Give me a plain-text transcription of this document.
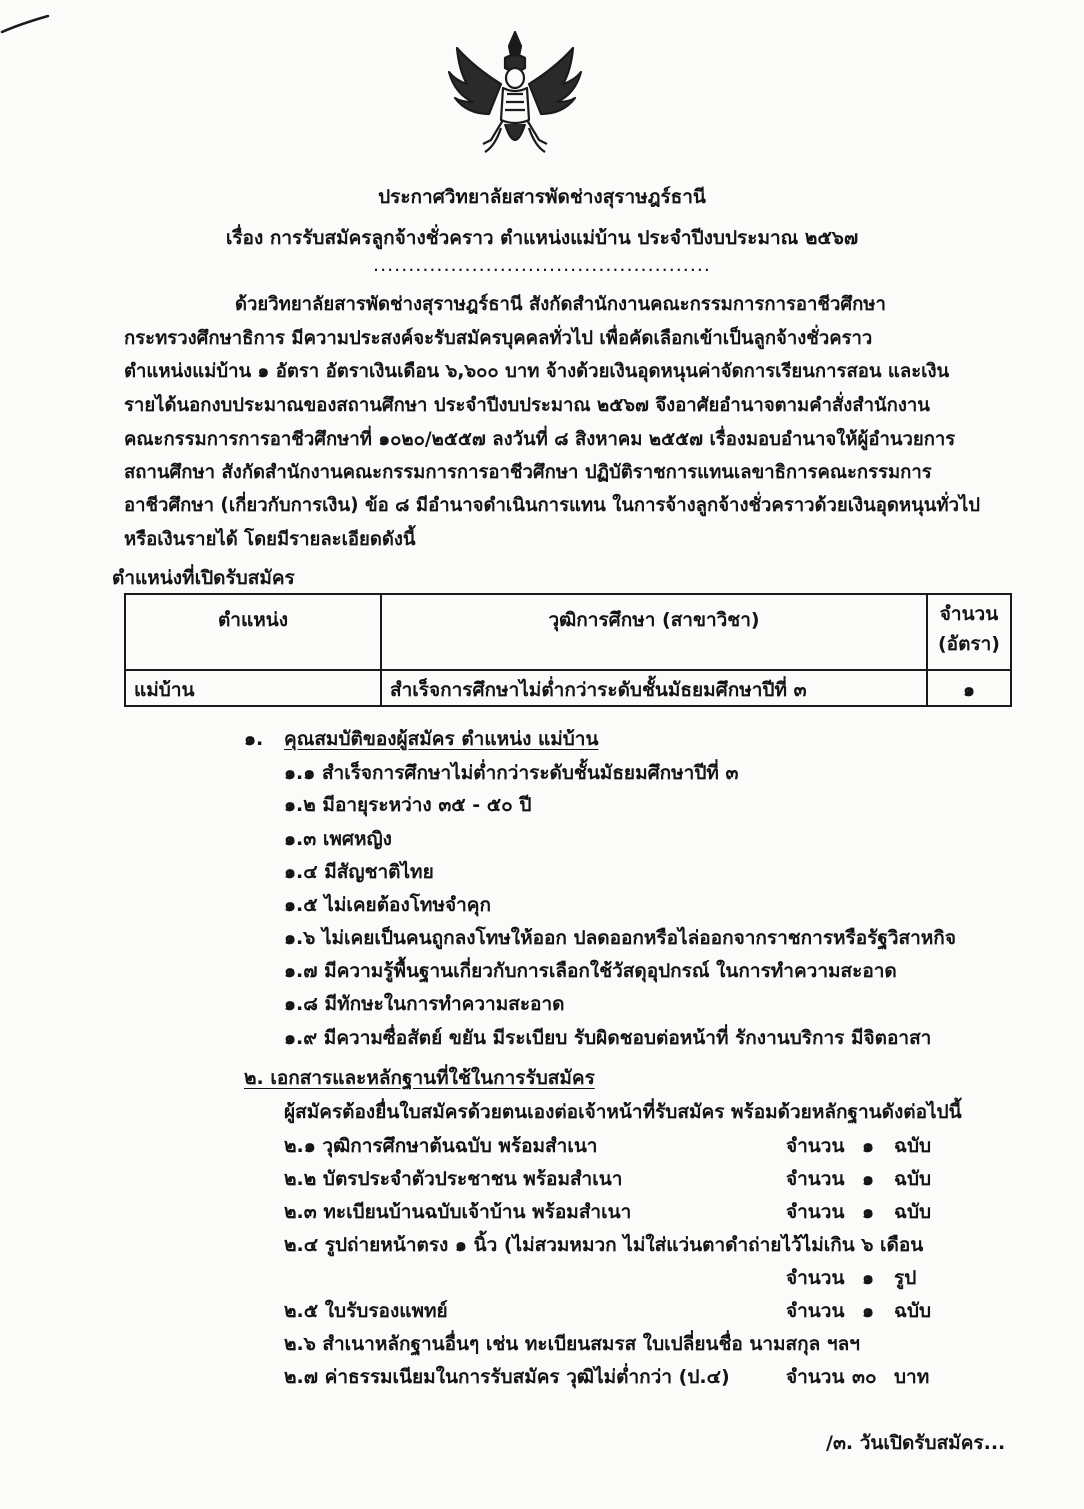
ประกาศวิทยาลัยสารพัดช่างสุราษฎร์ธานี
เรื่อง การรับสมัครลูกจ้างชั่วคราว ตำแหน่งแม่บ้าน ประจำปีงบประมาณ ๒๕๖๗
................................................
ด้วยวิทยาลัยสารพัดช่างสุราษฎร์ธานี สังกัดสำนักงานคณะกรรมการการอาชีวศึกษา
กระทรวงศึกษาธิการ มีความประสงค์จะรับสมัครบุคคลทั่วไป เพื่อคัดเลือกเข้าเป็นลูกจ้างชั่วคราว
ตำแหน่งแม่บ้าน ๑ อัตรา อัตราเงินเดือน ๖,๖๐๐ บาท จ้างด้วยเงินอุดหนุนค่าจัดการเรียนการสอน และเงิน
รายได้นอกงบประมาณของสถานศึกษา ประจำปีงบประมาณ ๒๕๖๗ จึงอาศัยอำนาจตามคำสั่งสำนักงาน
คณะกรรมการการอาชีวศึกษาที่ ๑๐๒๐/๒๕๕๗ ลงวันที่ ๘ สิงหาคม ๒๕๕๗ เรื่องมอบอำนาจให้ผู้อำนวยการ
สถานศึกษา สังกัดสำนักงานคณะกรรมการการอาชีวศึกษา ปฏิบัติราชการแทนเลขาธิการคณะกรรมการ
อาชีวศึกษา (เกี่ยวกับการเงิน) ข้อ ๘ มีอำนาจดำเนินการแทน ในการจ้างลูกจ้างชั่วคราวด้วยเงินอุดหนุนทั่วไป
หรือเงินรายได้ โดยมีรายละเอียดดังนี้
ตำแหน่งที่เปิดรับสมัคร
ตำแหน่ง	วุฒิการศึกษา (สาขาวิชา)	จำนวน
(อัตรา)
แม่บ้าน	สำเร็จการศึกษาไม่ต่ำกว่าระดับชั้นมัธยมศึกษาปีที่ ๓	๑
๑. คุณสมบัติของผู้สมัคร ตำแหน่ง แม่บ้าน
๑.๑ สำเร็จการศึกษาไม่ต่ำกว่าระดับชั้นมัธยมศึกษาปีที่ ๓
๑.๒ มีอายุระหว่าง ๓๕ - ๕๐ ปี
๑.๓ เพศหญิง
๑.๔ มีสัญชาติไทย
๑.๕ ไม่เคยต้องโทษจำคุก
๑.๖ ไม่เคยเป็นคนถูกลงโทษให้ออก ปลดออกหรือไล่ออกจากราชการหรือรัฐวิสาหกิจ
๑.๗ มีความรู้พื้นฐานเกี่ยวกับการเลือกใช้วัสดุอุปกรณ์ ในการทำความสะอาด
๑.๘ มีทักษะในการทำความสะอาด
๑.๙ มีความซื่อสัตย์ ขยัน มีระเบียบ รับผิดชอบต่อหน้าที่ รักงานบริการ มีจิตอาสา
๒. เอกสารและหลักฐานที่ใช้ในการรับสมัคร
ผู้สมัครต้องยื่นใบสมัครด้วยตนเองต่อเจ้าหน้าที่รับสมัคร พร้อมด้วยหลักฐานดังต่อไปนี้
๒.๑ วุฒิการศึกษาต้นฉบับ พร้อมสำเนา	จำนวน ๑ ฉบับ
๒.๒ บัตรประจำตัวประชาชน พร้อมสำเนา	จำนวน ๑ ฉบับ
๒.๓ ทะเบียนบ้านฉบับเจ้าบ้าน พร้อมสำเนา	จำนวน ๑ ฉบับ
๒.๔ รูปถ่ายหน้าตรง ๑ นิ้ว (ไม่สวมหมวก ไม่ใส่แว่นตาดำถ่ายไว้ไม่เกิน ๖ เดือน
จำนวน ๑ รูป
๒.๕ ใบรับรองแพทย์	จำนวน ๑ ฉบับ
๒.๖ สำเนาหลักฐานอื่นๆ เช่น ทะเบียนสมรส ใบเปลี่ยนชื่อ นามสกุล ฯลฯ
๒.๗ ค่าธรรมเนียมในการรับสมัคร วุฒิไม่ต่ำกว่า (ป.๔)	จำนวน ๓๐ บาท
/๓. วันเปิดรับสมัคร...
